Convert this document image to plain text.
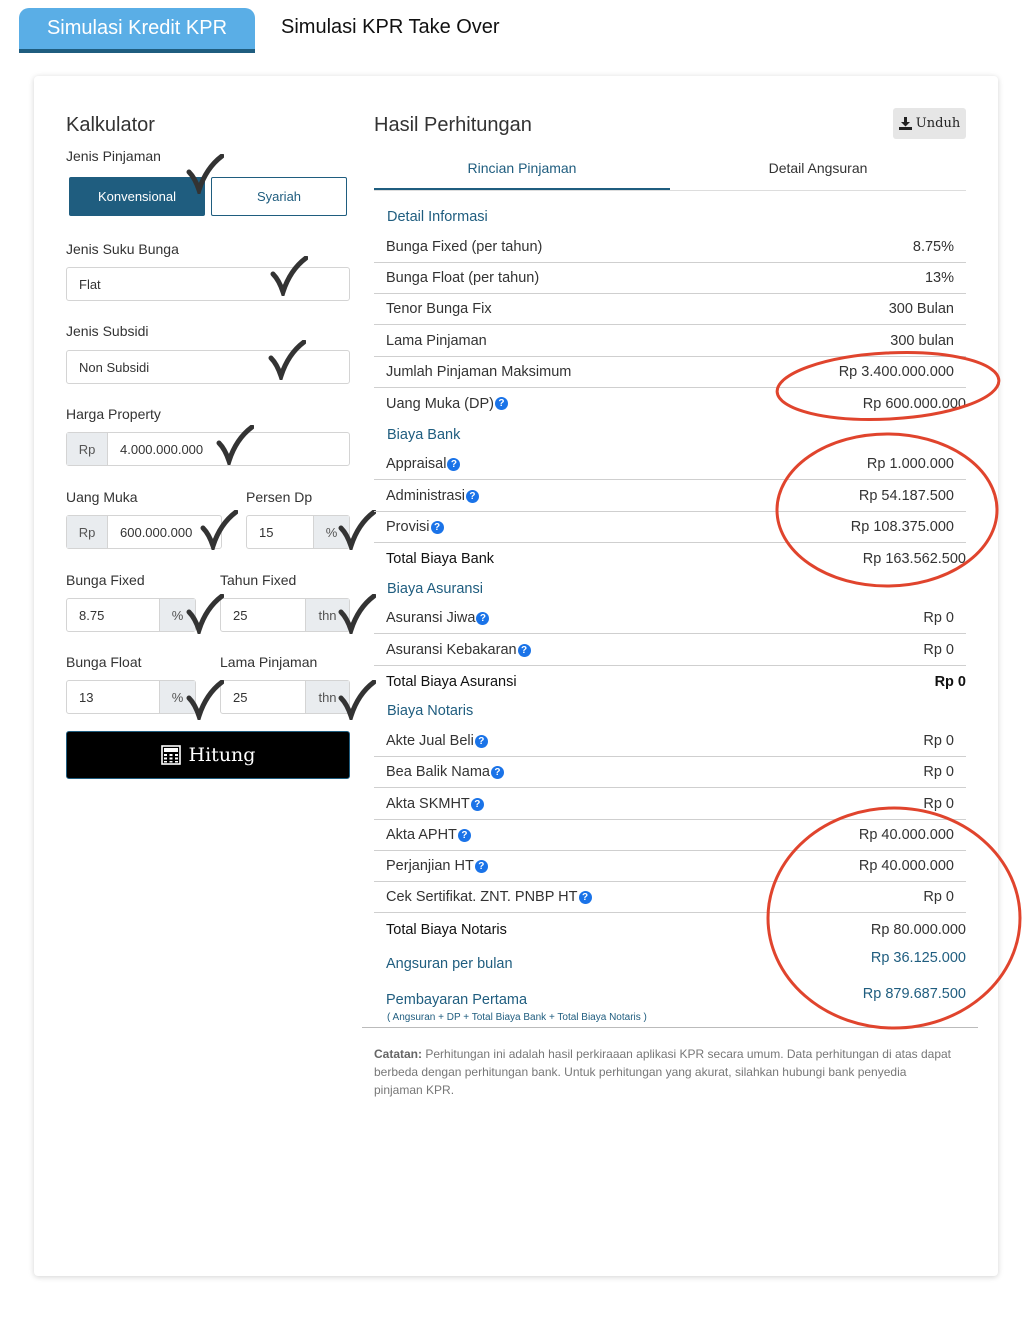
Simulasi Kredit KPR	Simulasi KPR Take Over
Kalkulator
Jenis Pinjaman
Konvensional	Syariah
Jenis Suku Bunga
Flat
Jenis Subsidi
Non Subsidi
Harga Property
Rp	4.000.000.000
Uang Muka	Persen Dp
Rp	600.000.000	15	%
Bunga Fixed	Tahun Fixed
8.75	%	25	thn
Bunga Float	Lama Pinjaman
13	%	25	thn
Hitung
Hasil Perhitungan	Unduh
Rincian Pinjaman	Detail Angsuran
Detail Informasi
Bunga Fixed (per tahun)	8.75%
Bunga Float (per tahun)	13%
Tenor Bunga Fix	300 Bulan
Lama Pinjaman	300 bulan
Jumlah Pinjaman Maksimum	Rp 3.400.000.000
Uang Muka (DP) ?	Rp 600.000.000
Biaya Bank
Appraisal ?	Rp 1.000.000
Administrasi ?	Rp 54.187.500
Provisi ?	Rp 108.375.000
Total Biaya Bank	Rp 163.562.500
Biaya Asuransi
Asuransi Jiwa ?	Rp 0
Asuransi Kebakaran ?	Rp 0
Total Biaya Asuransi	Rp 0
Biaya Notaris
Akte Jual Beli ?	Rp 0
Bea Balik Nama ?	Rp 0
Akta SKMHT ?	Rp 0
Akta APHT ?	Rp 40.000.000
Perjanjian HT ?	Rp 40.000.000
Cek Sertifikat. ZNT. PNBP HT ?	Rp 0
Total Biaya Notaris	Rp 80.000.000
Angsuran per bulan	Rp 36.125.000
Pembayaran Pertama	Rp 879.687.500
( Angsuran + DP + Total Biaya Bank + Total Biaya Notaris )
Catatan: Perhitungan ini adalah hasil perkiraaan aplikasi KPR secara umum. Data perhitungan di atas dapat berbeda dengan perhitungan bank. Untuk perhitungan yang akurat, silahkan hubungi bank penyedia pinjaman KPR.
